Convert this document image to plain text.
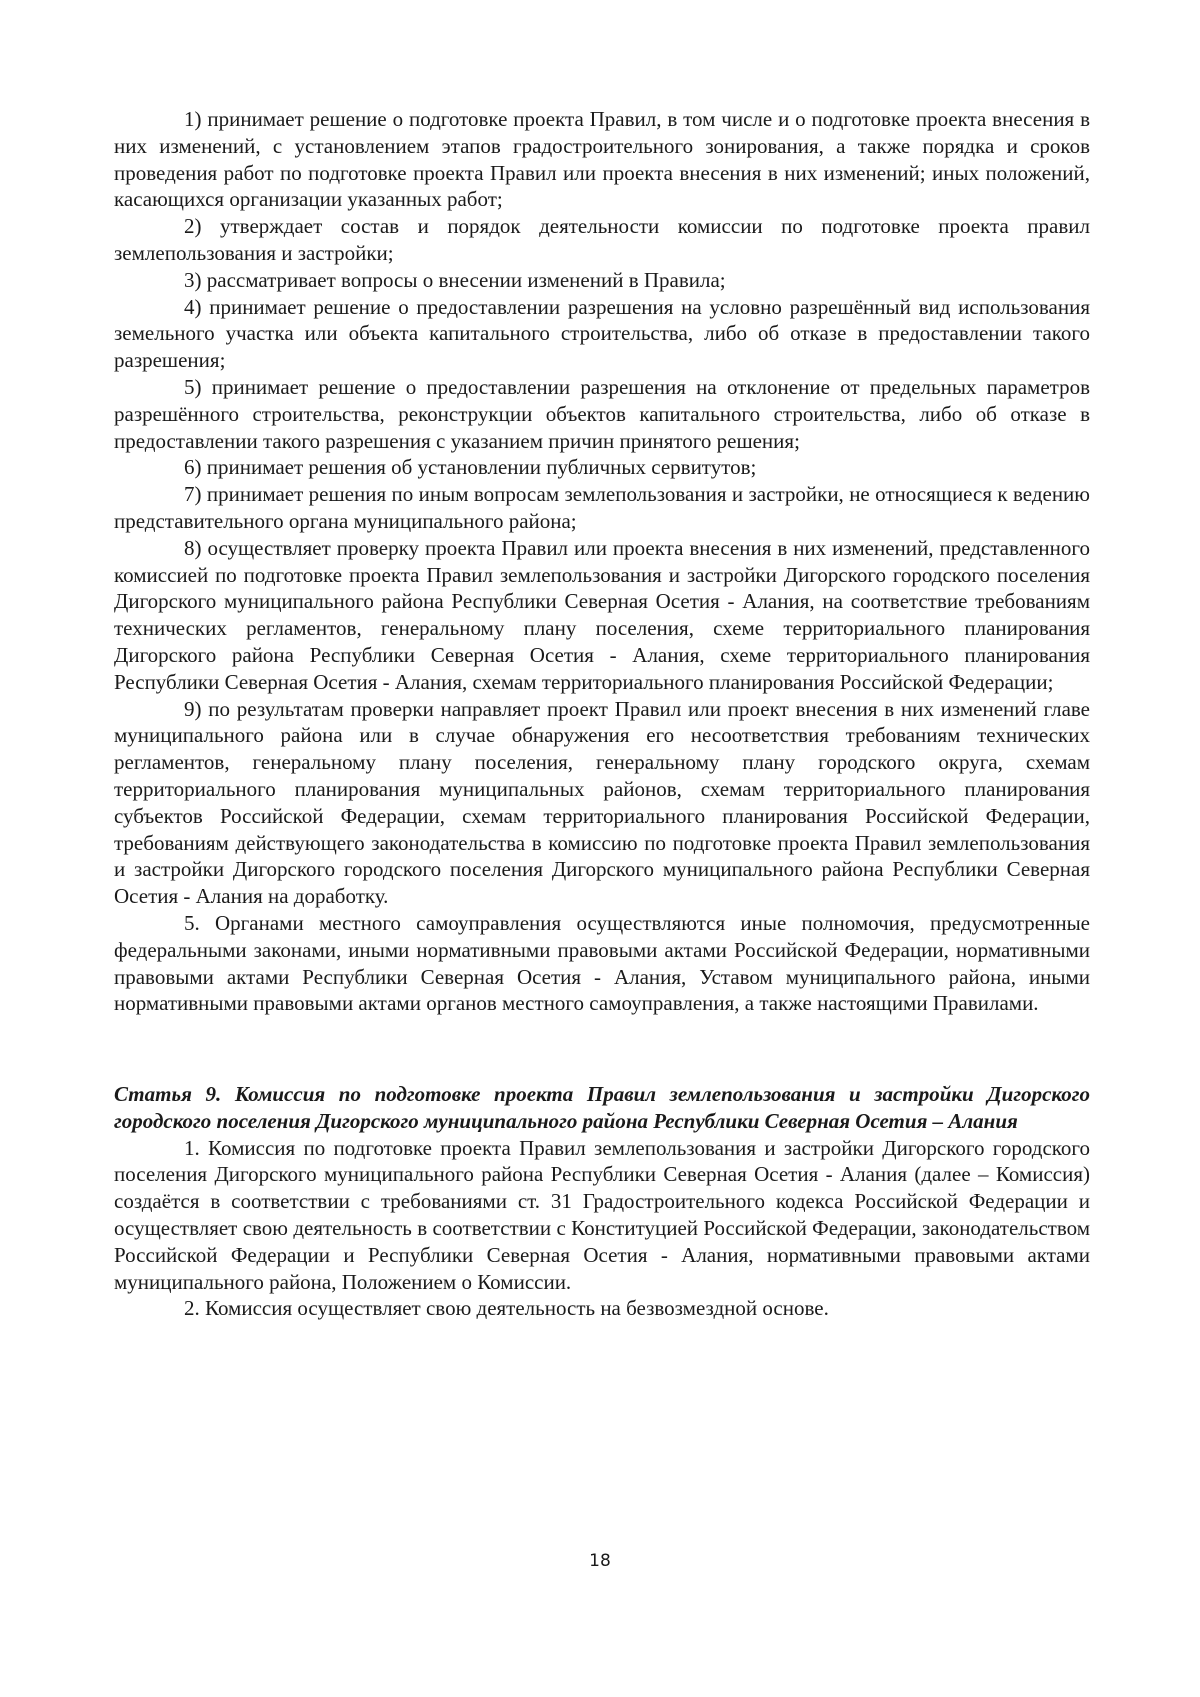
1) принимает решение о подготовке проекта Правил, в том числе и о подготовке проекта внесения в них изменений, с установлением этапов градостроительного зонирования, а также порядка и сроков проведения работ по подготовке проекта Правил или проекта внесения в них изменений; иных положений, касающихся организации указанных работ;

2) утверждает состав и порядок деятельности комиссии по подготовке проекта правил землепользования и застройки;

3) рассматривает вопросы о внесении изменений в Правила;

4) принимает решение о предоставлении разрешения на условно разрешённый вид использования земельного участка или объекта капитального строительства, либо об отказе в предоставлении такого разрешения;

5) принимает решение о предоставлении разрешения на отклонение от предельных параметров разрешённого строительства, реконструкции объектов капитального строительства, либо об отказе в предоставлении такого разрешения с указанием причин принятого решения;

6) принимает решения об установлении публичных сервитутов;

7) принимает решения по иным вопросам землепользования и застройки, не относящиеся к ведению представительного органа муниципального района;

8) осуществляет проверку проекта Правил или проекта внесения в них изменений, представленного комиссией по подготовке проекта Правил землепользования и застройки Дигорского городского поселения Дигорского муниципального района Республики Северная Осетия - Алания, на соответствие требованиям технических регламентов, генеральному плану поселения, схеме территориального планирования Дигорского района Республики Северная Осетия - Алания, схеме территориального планирования Республики Северная Осетия - Алания, схемам территориального планирования Российской Федерации;

9) по результатам проверки направляет проект Правил или проект внесения в них изменений главе муниципального района или в случае обнаружения его несоответствия требованиям технических регламентов, генеральному плану поселения, генеральному плану городского округа, схемам территориального планирования муниципальных районов, схемам территориального планирования субъектов Российской Федерации, схемам территориального планирования Российской Федерации, требованиям действующего законодательства в комиссию по подготовке проекта Правил землепользования и застройки Дигорского городского поселения Дигорского муниципального района Республики Северная Осетия - Алания на доработку.

5. Органами местного самоуправления осуществляются иные полномочия, предусмотренные федеральными законами, иными нормативными правовыми актами Российской Федерации, нормативными правовыми актами Республики Северная Осетия - Алания, Уставом муниципального района, иными нормативными правовыми актами органов местного самоуправления, а также настоящими Правилами.

Статья 9. Комиссия по подготовке проекта Правил землепользования и застройки Дигорского городского поселения Дигорского муниципального района Республики Северная Осетия – Алания

1. Комиссия по подготовке проекта Правил землепользования и застройки Дигорского городского поселения Дигорского муниципального района Республики Северная Осетия - Алания (далее – Комиссия) создаётся в соответствии с требованиями ст. 31 Градостроительного кодекса Российской Федерации и осуществляет свою деятельность в соответствии с Конституцией Российской Федерации, законодательством Российской Федерации и Республики Северная Осетия - Алания, нормативными правовыми актами муниципального района, Положением о Комиссии.

2. Комиссия осуществляет свою деятельность на безвозмездной основе.

18
